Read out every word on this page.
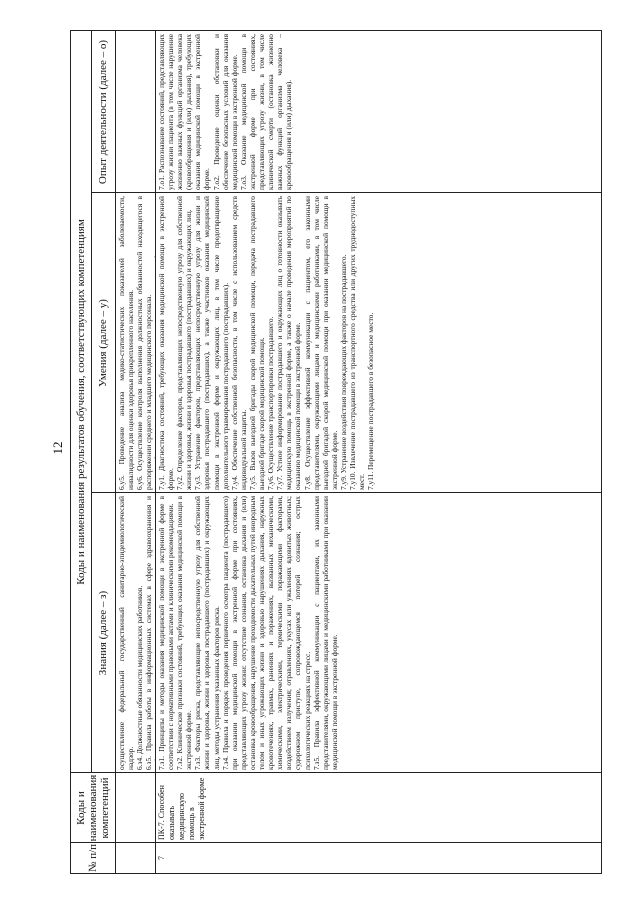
12
№ п/п
Коды и наименования компетенций
Коды и наименования результатов обучения, соответствующих компетенциям
Знания (далее – з)
Умения (далее – у)
Опыт деятельности (далее – о)

осуществление федеральный государственный санитарно-эпидемиологический надзор. 6.з4. Должностные обязанности медицинских работников. 6.з5. Правила работы в информационных системах в сфере здравоохранения и

6.у5. Проведение анализа медико-статистических показателей заболеваемости, инвалидности для оценки здоровья прикрепленного населения. 6.у6. Осуществление контроля выполнения должностных обязанностей находящегося в распоряжении среднего и младшего медицинского персонала.

7
ПК-7. Способен оказывать медицинскую помощь в экстренной форме

7.з1. Принципы и методы оказания медицинской помощи в экстренной форме в соответствии с нормативными правовыми актами и клиническими рекомендациями. 7.з2. Клинические признаки состояний, требующих оказания медицинской помощи в экстренной форме. 7.з3. Факторы риска, представляющие непосредственную угрозу для собственной жизни и здоровья, жизни и здоровья пострадавшего (пострадавших) и окружающих лиц, методы устранения указанных факторов риска. 7.з4. Правила и порядок проведения первичного осмотра пациента (пострадавшего) при оказании медицинской помощи в экстренной форме при состояниях, представляющих угрозу жизни: отсутствие сознания, остановка дыхания и (или) остановка кровообращения, нарушение проходимости дыхательных путей инородным телом и иных угрожающих жизни и здоровью нарушениях дыхания, наружных кровотечениях, травмах, ранениях и поражениях, вызванных механическими, химическими, электрическими, термическими поражающими факторами, воздействием излучения; отравлениях, укусах или ужалениях ядовитых животных; судорожном приступе, сопровождающемся потерей сознания; острых психологических реакциях на стресс. 7.з5. Правила эффективной коммуникации с пациентами, их законными представителями, окружающими лицами и медицинскими работниками при оказании медицинской помощи в экстренной форме.

7.у1. Диагностика состояний, требующих оказания медицинской помощи в экстренной форме. 7.у2. Определение факторов, представляющих непосредственную угрозу для собственной жизни и здоровья, жизни и здоровья пострадавшего (пострадавших) и окружающих лиц. 7.у3. Устранение факторов, представляющих непосредственную угрозу для жизни и здоровья пострадавшего (пострадавших), а также участников оказания медицинской помощи в экстренной форме и окружающих лиц, в том числе предотвращение дополнительного травмирования пострадавшего (пострадавших). 7.у4. Обеспечение собственной безопасности, в том числе с использованием средств индивидуальной защиты. 7.у5. Вызов выездной бригады скорой медицинской помощи, передача пострадавшего выездной бригаде скорой медицинской помощи. 7.у6. Осуществление транспортировки пострадавшего. 7.у7. Устное информирование пострадавшего и окружающих лиц о готовности оказывать медицинскую помощь в экстренной форме, а также о начале проведения мероприятий по оказанию медицинской помощи в экстренной форме. 7.у8. Осуществление эффективной коммуникации с пациентом, его законными представителями, окружающими лицами и медицинскими работниками, в том числе выездной бригадой скорой медицинской помощи при оказании медицинской помощи в экстренной форме. 7.у9. Устранение воздействия повреждающих факторов на пострадавшего. 7.у10. Извлечение пострадавшего из транспортного средства или других труднодоступных мест. 7.у11. Перемещение пострадавшего в безопасное место.

7.о1. Распознавание состояний, представляющих угрозу жизни пациента (в том числе нарушение жизненно важных функций организма человека (кровообращения и (или) дыхания), требующих оказания медицинской помощи в экстренной форме. 7.о2. Проведение оценки обстановки и обеспечение безопасных условий для оказания медицинской помощи в экстренной форме. 7.о3. Оказание медицинской помощи в экстренной форме при состояниях, представляющих угрозу жизни, в том числе клинической смерти (остановка жизненно важных функций организма человека – кровообращения и (или) дыхания).
